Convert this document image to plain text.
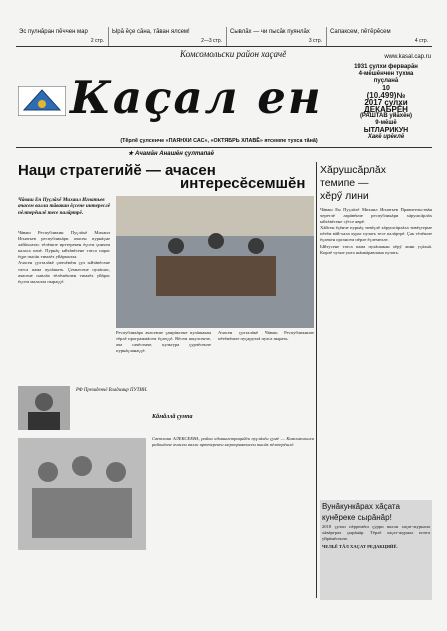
Эс пулнăран пĕччен мар
2 стр.
Ырă ĕçе сăна, тăван ялсем!
2—3 стр.
Сывлăх — чи пысăк пуянлăх
3 стр.
Сапаксем, пĕтĕрĕсем
4 стр.
Комсомольски район хаçачĕ	www.kasal.cap.ru
Каçал ен
1931 çулхи ферварăн
4-мĕшĕнчен тухма пуçланă
10
(10.499)№
2017 çулхи
ДЕКАБРĔН
(РАШТАВ уйăхĕн)
9-мĕшĕ
ЫТЛАРИКУН
Хакĕ ирĕклĕ
(Тĕрлĕ çулсенче «ПАЯНХИ САС», «ОКТЯБРЬ ХЛАВĔ» ятсемпе тухса тăнă)
★ Ачамăн Анашĕн çултапаĕ
Наци стратегийĕ — ачасен
интересĕсемшĕн
Чăваш Ен Пуçлăхĕ Михаил Игнатьев ачасем валли тăвакан ĕçсене интереслĕ пĕлтерĕшлĕ тесе палăртрĕ.

Чăваш Республикин Пуçлăхĕ Михаил Игнатьев республикăри ачасен пурнăçне лайăхлатас тĕлĕшпе ирттерекен ĕçсем çинчен каласа пачĕ. Пурнăç ыйтăвĕсене татса парас ĕçре пысăк тимлĕх уйăрмалла.

Ачасен çулталăкĕ çиччĕмĕш çул ыйтăвĕсене татса пама пулăшать. Çемьесене пулăшас, ачасене сывлăх тĕлĕшĕнчен тимлĕх уйăрас ĕçсем малалла пыраççĕ.

Республикăра ачасемпе çамрăксене пулăшакан тĕрлĕ программăсем ĕçлеççĕ. Вĕсем шкулсенче, ача сачĕсенче, культура çурчĕсенче пурнăçланаççĕ.

Ачасен çулталăкĕ Чăваш Республикинче пĕтĕмĕшле пуçаруллă пулса пырать.

РФ Президенчĕ Владимир ПУТИН.
Кăмăллă çумпа

Светлана АЛЕКСЕЕВА, район администрацийĕн пуçлăхĕн çумĕ — Комсомольски районĕнче ачасем валли ирттерекен мероприятисем пысăк пĕлтерĕшлĕ.

Хăрушсăрлăх
темипе —
хĕрӳ лини

Чăваш Ен Пуçлăхĕ Михаил Игнатьев Правительствăн черетлĕ ларăвĕнче республикăри хăрушсăрлăх ыйтăвĕсене сӳтсе яврĕ.

Хăйсен ĕçĕнче пурнăç тивĕçлĕ хăрушсăрлăха тивĕçтерме пĕтĕм вăй-хала хурас пулать тесе палăртрĕ. Çак тĕлĕшпе ĕçлекен органсем пĕрле ĕçлемелле.

Ыйтусене татса пама пулăшакан хĕрӳ лини уçăлнă. Кирлĕ чухне унта шăнкăравлама пулать.

Вунăкункăрах хăçата
кунĕреке сырăнăр!
2018 çулхи пĕрремĕш çурри валли хаçат-журнала хăвăртрах çырăнăр. Тĕрлĕ хаçат-журнал почта уйрăмĕсенче.
ЧЕЛЬĔ ТĂЛ ХАÇАТ РЕДАКЦИЙĔ.
